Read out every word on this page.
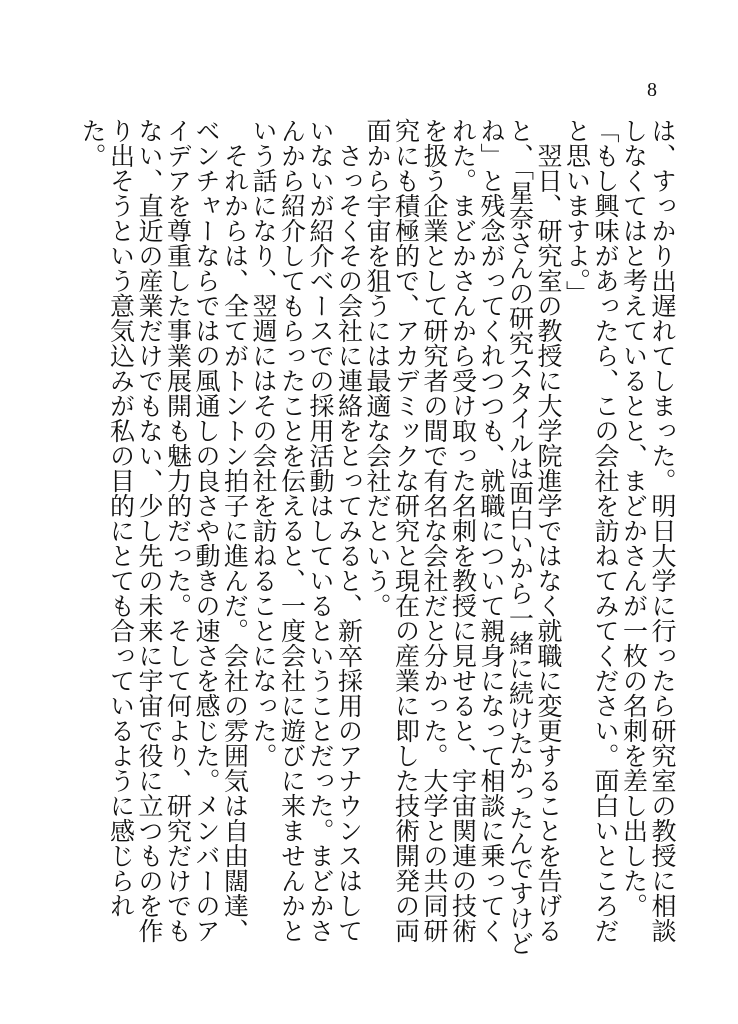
8

は、すっかり出遅れてしまった。明日大学に行ったら研究室の教授に相談しなくてはと考えているとと、まどかさんが一枚の名刺を差し出した。

「もし興味があったら、この会社を訪ねてみてください。面白いところだと思いますよ。」

翌日、研究室の教授に大学院進学ではなく就職に変更することを告げると、「星奈さんの研究スタイルは面白いから一緒に続けたかったんですけどね」と残念がってくれつつも、就職について親身になって相談に乗ってくれた。まどかさんから受け取った名刺を教授に見せると、宇宙関連の技術を扱う企業として研究者の間で有名な会社だと分かった。大学との共同研究にも積極的で、アカデミックな研究と現在の産業に即した技術開発の両面から宇宙を狙うには最適な会社だという。

さっそくその会社に連絡をとってみると、新卒採用のアナウンスはしていないが紹介ベースでの採用活動はしているということだった。まどかさんから紹介してもらったことを伝えると、一度会社に遊びに来ませんかという話になり、翌週にはその会社を訪ねることになった。

それからは、全てがトントン拍子に進んだ。会社の雰囲気は自由闊達、ベンチャーならではの風通しの良さや動きの速さを感じた。メンバーのアイデアを尊重した事業展開も魅力的だった。そして何より、研究だけでもない、直近の産業だけでもない、少し先の未来に宇宙で役に立つものを作り出そうという意気込みが私の目的にとても合っているように感じられた。
